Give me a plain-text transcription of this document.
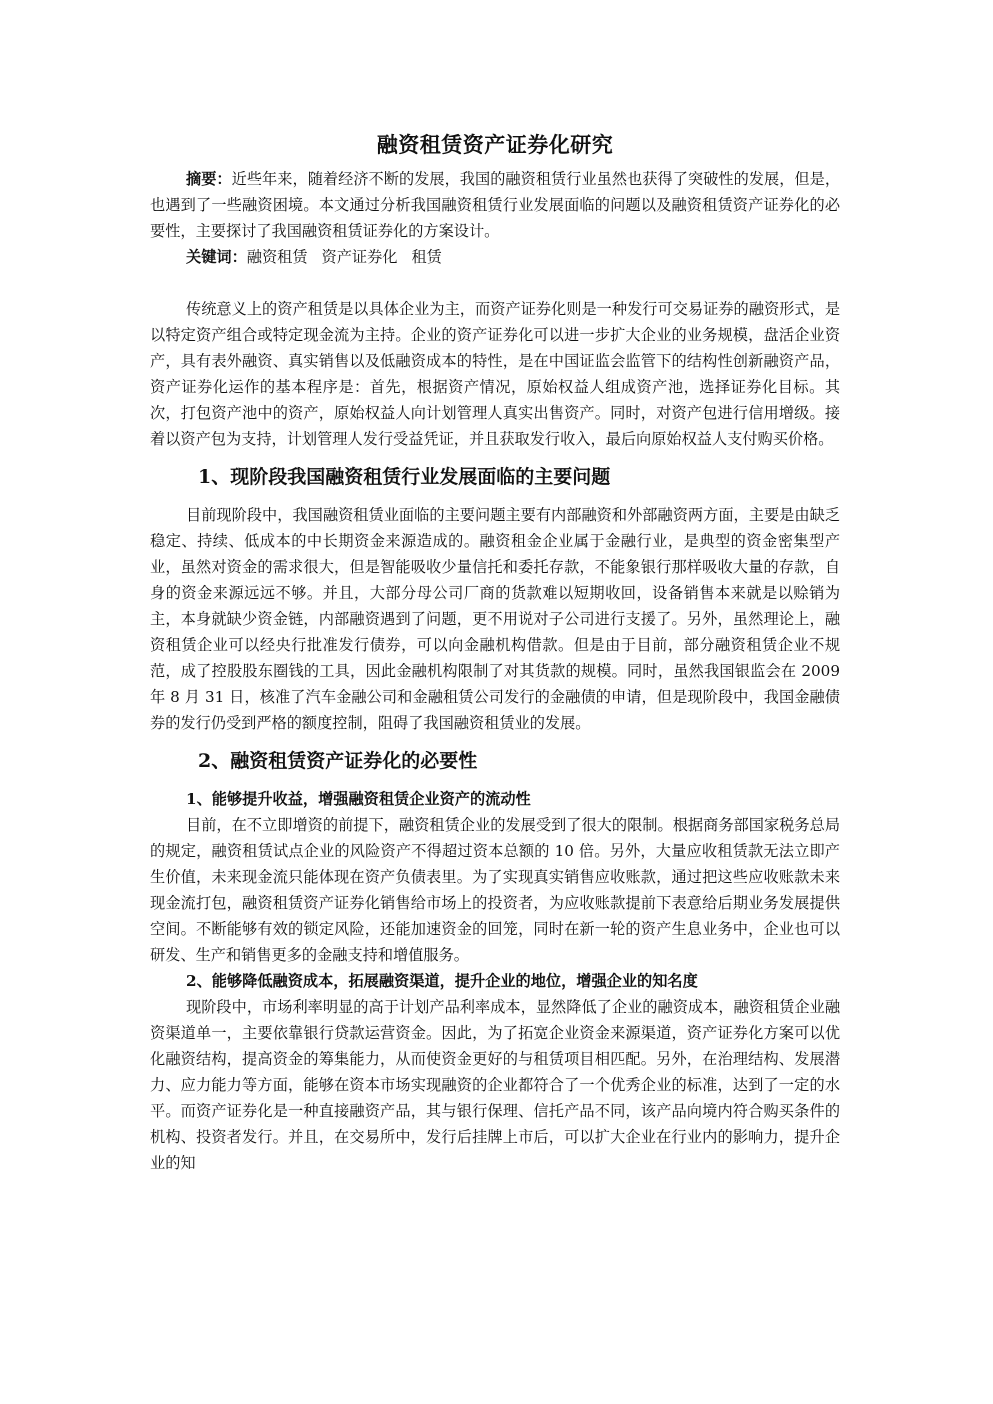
融资租赁资产证券化研究

摘要：近些年来，随着经济不断的发展，我国的融资租赁行业虽然也获得了突破性的发展，但是，也遇到了一些融资困境。本文通过分析我国融资租赁行业发展面临的问题以及融资租赁资产证券化的必要性，主要探讨了我国融资租赁证券化的方案设计。

关键词：融资租赁 资产证券化 租赁

传统意义上的资产租赁是以具体企业为主，而资产证券化则是一种发行可交易证券的融资形式，是以特定资产组合或特定现金流为主持。企业的资产证券化可以进一步扩大企业的业务规模，盘活企业资产，具有表外融资、真实销售以及低融资成本的特性，是在中国证监会监管下的结构性创新融资产品，资产证券化运作的基本程序是：首先，根据资产情况，原始权益人组成资产池，选择证券化目标。其次，打包资产池中的资产，原始权益人向计划管理人真实出售资产。同时，对资产包进行信用增级。接着以资产包为支持，计划管理人发行受益凭证，并且获取发行收入，最后向原始权益人支付购买价格。

1、现阶段我国融资租赁行业发展面临的主要问题

目前现阶段中，我国融资租赁业面临的主要问题主要有内部融资和外部融资两方面，主要是由缺乏稳定、持续、低成本的中长期资金来源造成的。融资租金企业属于金融行业，是典型的资金密集型产业，虽然对资金的需求很大，但是智能吸收少量信托和委托存款，不能象银行那样吸收大量的存款，自身的资金来源远远不够。并且，大部分母公司厂商的货款难以短期收回，设备销售本来就是以赊销为主，本身就缺少资金链，内部融资遇到了问题，更不用说对子公司进行支援了。另外，虽然理论上，融资租赁企业可以经央行批准发行债券，可以向金融机构借款。但是由于目前，部分融资租赁企业不规范，成了控股股东圈钱的工具，因此金融机构限制了对其货款的规模。同时，虽然我国银监会在 2009 年 8 月 31 日，核准了汽车金融公司和金融租赁公司发行的金融债的申请，但是现阶段中，我国金融债券的发行仍受到严格的额度控制，阻碍了我国融资租赁业的发展。

2、融资租赁资产证券化的必要性
1、能够提升收益，增强融资租赁企业资产的流动性

目前，在不立即增资的前提下，融资租赁企业的发展受到了很大的限制。根据商务部国家税务总局的规定，融资租赁试点企业的风险资产不得超过资本总额的 10 倍。另外，大量应收租赁款无法立即产生价值，未来现金流只能体现在资产负债表里。为了实现真实销售应收账款，通过把这些应收账款未来现金流打包，融资租赁资产证券化销售给市场上的投资者，为应收账款提前下表意给后期业务发展提供空间。不断能够有效的锁定风险，还能加速资金的回笼，同时在新一轮的资产生息业务中，企业也可以研发、生产和销售更多的金融支持和增值服务。

2、能够降低融资成本，拓展融资渠道，提升企业的地位，增强企业的知名度

现阶段中，市场利率明显的高于计划产品利率成本，显然降低了企业的融资成本，融资租赁企业融资渠道单一，主要依靠银行贷款运营资金。因此，为了拓宽企业资金来源渠道，资产证券化方案可以优化融资结构，提高资金的筹集能力，从而使资金更好的与租赁项目相匹配。另外，在治理结构、发展潜力、应力能力等方面，能够在资本市场实现融资的企业都符合了一个优秀企业的标准，达到了一定的水平。而资产证券化是一种直接融资产品，其与银行保理、信托产品不同，该产品向境内符合购买条件的机构、投资者发行。并且，在交易所中，发行后挂牌上市后，可以扩大企业在行业内的影响力，提升企业的知
